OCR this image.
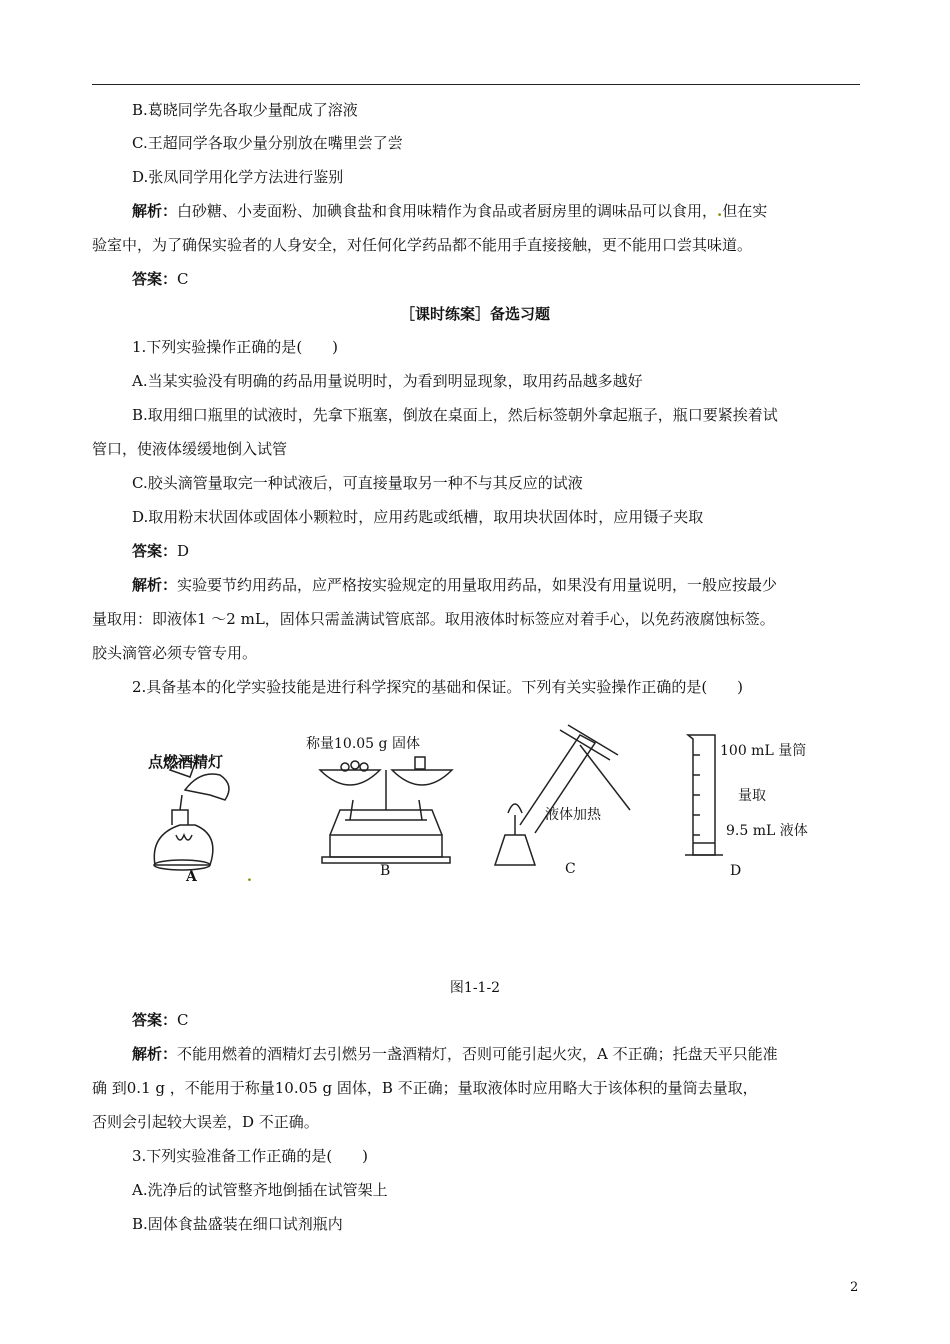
B.葛晓同学先各取少量配成了溶液
C.王超同学各取少量分别放在嘴里尝了尝
D.张凤同学用化学方法进行鉴别
解析：白砂糖、小麦面粉、加碘食盐和食用味精作为食品或者厨房里的调味品可以食用，.但在实
验室中，为了确保实验者的人身安全，对任何化学药品都不能用手直接接触，更不能用口尝其味道。
答案：C
［课时练案］备选习题
1.下列实验操作正确的是(　　)
A.当某实验没有明确的药品用量说明时，为看到明显现象，取用药品越多越好
B.取用细口瓶里的试液时，先拿下瓶塞，倒放在桌面上，然后标签朝外拿起瓶子，瓶口要紧挨着试
管口，使液体缓缓地倒入试管
C.胶头滴管量取完一种试液后，可直接量取另一种不与其反应的试液
D.取用粉末状固体或固体小颗粒时，应用药匙或纸槽，取用块状固体时，应用镊子夹取
答案：D
解析：实验要节约用药品，应严格按实验规定的用量取用药品，如果没有用量说明，一般应按最少
量取用：即液体1 ～2 mL，固体只需盖满试管底部。取用液体时标签应对着手心，以免药液腐蚀标签。
胶头滴管必须专管专用。
2.具备基本的化学实验技能是进行科学探究的基础和保证。下列有关实验操作正确的是(　　)
点燃酒精灯
A	.
称量10.05 g 固体
B
液体加热
C
100 mL 量筒
量取
9.5 mL 液体
D
图1-1-2
答案：C
解析：不能用燃着的酒精灯去引燃另一盏酒精灯，否则可能引起火灾，A 不正确；托盘天平只能准
确 到0.1 g ，不能用于称量10.05 g 固体，B 不正确；量取液体时应用略大于该体积的量筒去量取，
否则会引起较大误差，D 不正确。
3.下列实验准备工作正确的是(　　)
A.洗净后的试管整齐地倒插在试管架上
B.固体食盐盛装在细口试剂瓶内
2
